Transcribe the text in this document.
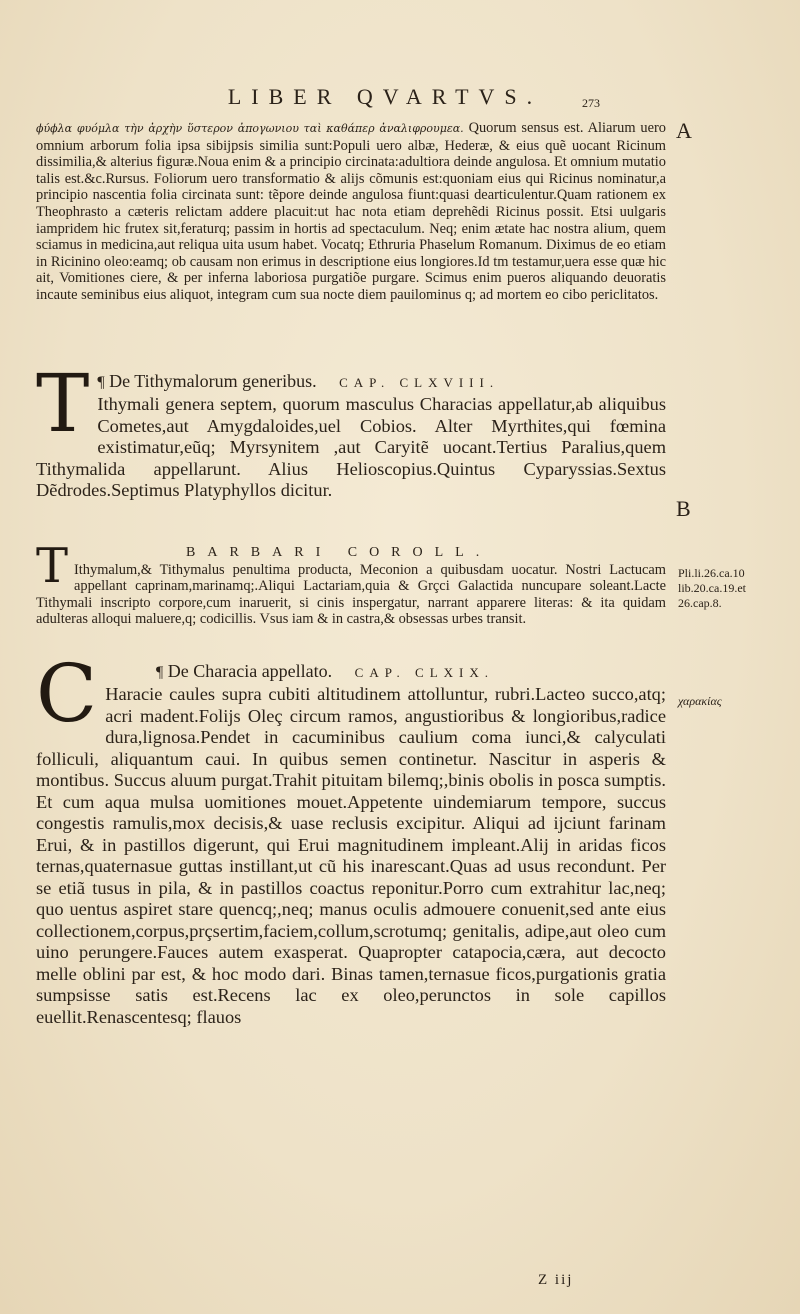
LIBER QVARTVS.	273

ϕύϕλα φυόμλα τὴν ἀρχὴν ὕστερον ἀπογωνιου ταὶ καθάπερ ἀναλιφρουμεα. Quorum sensus est. Aliarum uero omnium arborum folia ipsa sibijpsis similia sunt:Populi uero albæ, Hederæ, & eius quẽ uocant Ricinum dissimilia,& alterius figuræ.Noua enim & a principio circinata:adultiora deinde angulosa. Et omnium mutatio talis est.&c.Rursus. Foliorum uero transformatio & alijs cõmunis est:quoniam eius qui Ricinus nominatur,a principio nascentia folia circinata sunt: tẽpore deinde angulosa fiunt:quasi dearticulentur.Quam rationem ex Theophrasto a cæteris relictam addere placuit:ut hac nota etiam deprehẽdi Ricinus possit. Etsi uulgaris iampridem hic frutex sit,feraturq; passim in hortis ad spectaculum. Neq; enim ætate hac nostra alium, quem sciamus in medicina,aut reliqua uita usum habet. Vocatq; Ethruria Phaselum Romanum. Diximus de eo etiam in Ricinino oleo:eamq; ob causam non erimus in descriptione eius longiores.Id tm testamur,uera esse quæ hic ait, Vomitiones ciere, & per inferna laboriosa purgatiõe purgare. Scimus enim pueros aliquando deuoratis incaute seminibus eius aliquot, integram cum sua nocte diem pauilominus q; ad mortem eo cibo periclitatos.

T ¶ De Tithymalorum generibus. CAP. CLXVIII.

Ithymali genera septem, quorum masculus Characias appellatur,ab aliquibus Cometes,aut Amygdaloides,uel Cobios. Alter Myrthites,qui fœmina existimatur,eũq; Myrsynitem ,aut Caryitẽ uocant.Tertius Paralius,quem Tithymalida appellarunt. Alius Helioscopius.Quintus Cyparyssias.Sextus Dẽdrodes.Septimus Platyphyllos dicitur.

T	BARBARI COROLL.

Ithymalum,& Tithymalus penultima producta, Meconion a quibusdam uocatur. Nostri Lactucam appellant caprinam,marinamq;.Aliqui Lactariam,quia & Grçci Galactida nuncupare soleant.Lacte Tithymali inscripto corpore,cum inaruerit, si cinis inspergatur, narrant apparere literas: & ita quidam adulteras alloqui maluere,q; codicillis. Vsus iam & in castra,& obsessas urbes transit.

C	¶ De Characia appellato. CAP. CLXIX.

Haracie caules supra cubiti altitudinem attolluntur, rubri.Lacteo succo,atq; acri madent.Folijs Oleç circum ramos, angustioribus & longioribus,radice dura,lignosa.Pendet in cacuminibus caulium coma iunci,& calyculati folliculi, aliquantum caui. In quibus semen continetur. Nascitur in asperis & montibus. Succus aluum purgat.Trahit pituitam bilemq;,binis obolis in posca sumptis. Et cum aqua mulsa uomitiones mouet.Appetente uindemiarum tempore, succus congestis ramulis,mox decisis,& uase reclusis excipitur. Aliqui ad ijciunt farinam Erui, & in pastillos digerunt, qui Erui magnitudinem impleant.Alij in aridas ficos ternas,quaternasue guttas instillant,ut cũ his inarescant.Quas ad usus recondunt. Per se etiã tusus in pila, & in pastillos coactus reponitur.Porro cum extrahitur lac,neq; quo uentus aspiret stare quencq;,neq; manus oculis admouere conuenit,sed ante eius collectionem,corpus,prçsertim,faciem,collum,scrotumq; genitalis, adipe,aut oleo cum uino perungere.Fauces autem exasperat. Quapropter catapocia,cæra, aut decocto melle oblini par est, & hoc modo dari. Binas tamen,ternasue ficos,purgationis gratia sumpsisse satis est.Recens lac ex oleo,perunctos in sole capillos euellit.Renascentesq; flauos

A
B
Pli.li.26.ca.10 lib.20.ca.19.et 26.cap.8.
χαρακίας
Z iij
